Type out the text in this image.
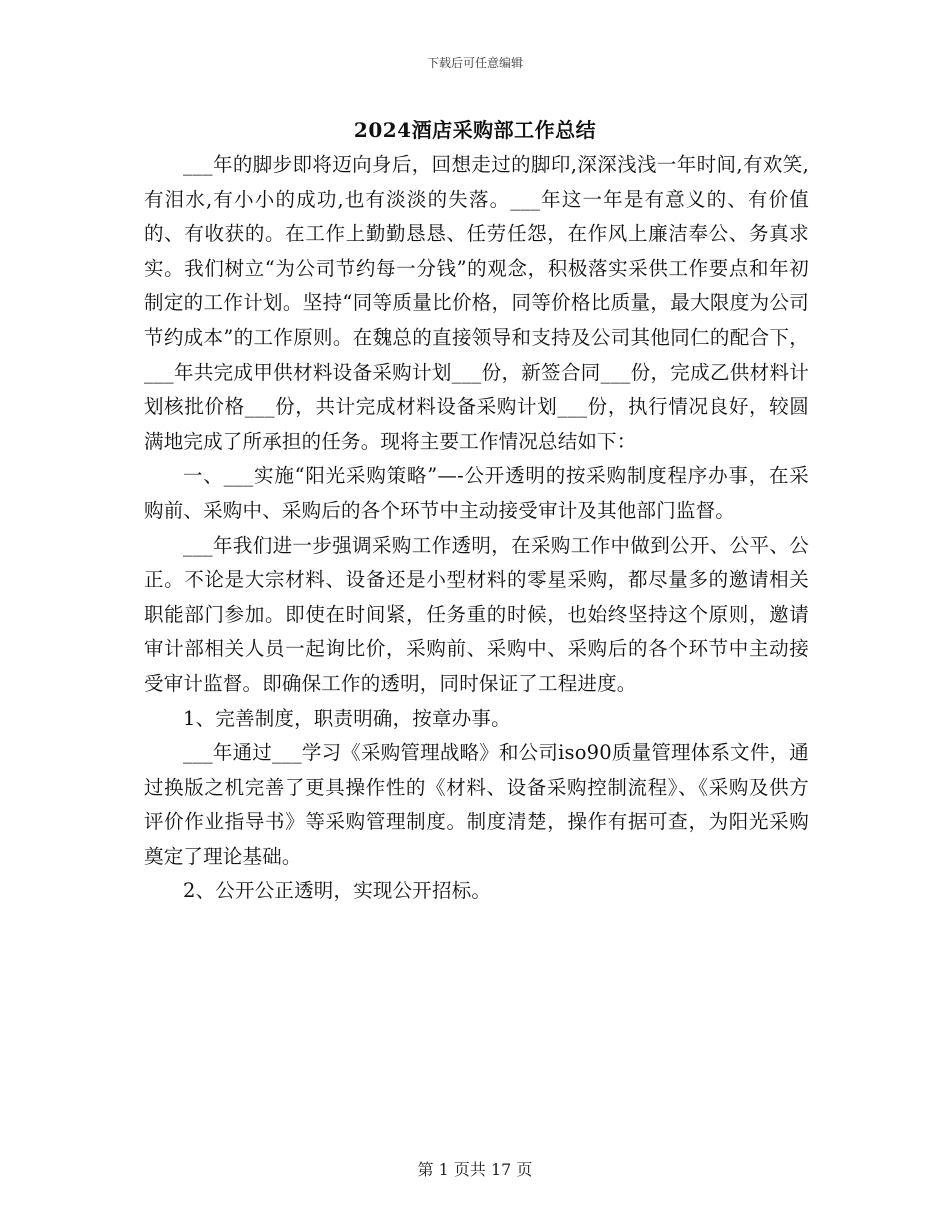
下载后可任意编辑
2024酒店采购部工作总结

___年的脚步即将迈向身后，回想走过的脚印,深深浅浅一年时间,有欢笑,有泪水,有小小的成功,也有淡淡的失落。___年这一年是有意义的、有价值的、有收获的。在工作上勤勤恳恳、任劳任怨，在作风上廉洁奉公、务真求实。我们树立“为公司节约每一分钱”的观念，积极落实采供工作要点和年初制定的工作计划。坚持“同等质量比价格，同等价格比质量，最大限度为公司节约成本”的工作原则。在魏总的直接领导和支持及公司其他同仁的配合下，___年共完成甲供材料设备采购计划___份，新签合同___份，完成乙供材料计划核批价格___份，共计完成材料设备采购计划___份，执行情况良好，较圆满地完成了所承担的任务。现将主要工作情况总结如下：

一、___实施“阳光采购策略”—-公开透明的按采购制度程序办事，在采购前、采购中、采购后的各个环节中主动接受审计及其他部门监督。

___年我们进一步强调采购工作透明，在采购工作中做到公开、公平、公正。不论是大宗材料、设备还是小型材料的零星采购，都尽量多的邀请相关职能部门参加。即使在时间紧，任务重的时候，也始终坚持这个原则，邀请审计部相关人员一起询比价，采购前、采购中、采购后的各个环节中主动接受审计监督。即确保工作的透明，同时保证了工程进度。

1、完善制度，职责明确，按章办事。

___年通过___学习《采购管理战略》和公司iso90质量管理体系文件，通过换版之机完善了更具操作性的《材料、设备采购控制流程》、《采购及供方评价作业指导书》等采购管理制度。制度清楚，操作有据可查，为阳光采购奠定了理论基础。

2、公开公正透明，实现公开招标。

第 1 页共 17 页
